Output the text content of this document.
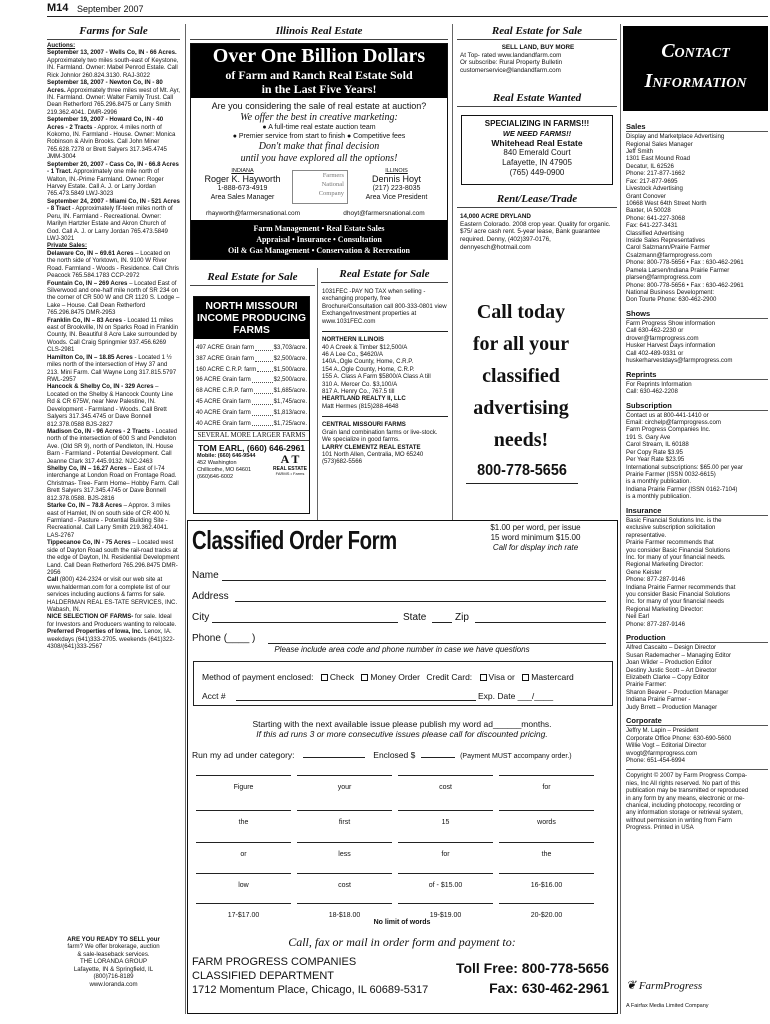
M14 September 2007
Farms for Sale

Auctions:

September 13, 2007 - Wells Co, IN - 66 Acres. Approximately two miles south-east of Keystone, IN. Farmland. Owner: Mabel Penrod Estate. Call Rick Johnlor 260.824.3130. RAJ-3022

September 18, 2007 - Newton Co, IN - 80 Acres. Approximately three miles west of Mt. Ayr, IN. Farmland. Owner: Walter Family Trust. Call Dean Retherford 765.296.8475 or Larry Smith 219.362.4041. DMR-2996

September 19, 2007 - Howard Co, IN - 40 Acres - 2 Tracts - Approx. 4 miles north of Kokomo, IN. Farmland - House. Owner: Monica Robinson & Alvin Brooks. Call John Miner 765.628.7278 or Brett Salyers 317.345.4745 JMM-3004

September 20, 2007 - Cass Co, IN - 66.8 Acres - 1 Tract. Approximately one mile north of Walton, IN.-Prime Farmland. Owner: Roger Harvey Estate. Call A. J. or Larry Jordan 765.473.5849 LWJ-3023

September 24, 2007 - Miami Co, IN - 521 Acres - 8 Tract - Approximately fif-teen miles north of Peru, IN. Farmland - Recreational. Owner: Marilyn Hartzler Estate and Akron Church of God. Call A. J. or Larry Jordan 765.473.5849 LWJ-3021

Private Sales:

Delaware Co, IN – 69.61 Acres – Located on the north side of Yorktown, IN. 9100 W River Road. Farmland - Woods - Residence. Call Chris Peacock 765.584.1783 CCP-2972

Fountain Co, IN – 269 Acres – Located East of Silverwood and one-half mile north of SR 234 on the corner of CR 500 W and CR 1120 S. Lodge – Lake – House. Call Dean Retherford 765.296.8475 DMR-2953

Franklin Co, IN – 83 Acres - Located 11 miles east of Brookville, IN on Sparks Road in Franklin County, IN. Beautiful 8 Acre Lake surrounded by Woods. Call Craig Springmier 937.456.6269 CLS-2981

Hamilton Co, IN – 18.85 Acres - Located 1 ½ miles north of the intersection of Hwy 37 and 213. Mini Farm. Call Wayne Long 317.815.5797 RWL-2957

Hancock & Shelby Co, IN - 329 Acres – Located on the Shelby & Hancock County Line Rd & CR 675W, near New Palestine, IN. Development - Farmland - Woods. Call Brett Salyers 317.345.4745 or Dave Bonnell 812.378.0588 BJS-2827

Madison Co, IN - 96 Acres - 2 Tracts - Located north of the intersection of 600 S and Pendleton Ave. (Old SR 9), north of Pendleton, IN. House Barn - Farmland - Potential Development. Call Jeanne Clark 317.445.9132. NJC-2463

Shelby Co, IN – 16.27 Acres – East of I-74 interchange at London Road on Frontage Road. Christmas- Tree- Farm Home– Hobby Farm. Call Brett Salyers 317.345.4745 or Dave Bonnell 812.378.0588. BJS-2816

Starke Co, IN – 78.8 Acres – Approx. 3 miles east of Hamlet, IN on south side of CR 400 N. Farmland - Pasture - Potential Building Site - Recreational. Call Larry Smith 219.362.4041. LAS-2767

Tippecanoe Co, IN - 75 Acres – Located west side of Dayton Road south the rail-road tracks at the edge of Dayton, IN. Residential Development Land. Call Dean Retherford 765.296.8475 DMR-2956

Call (800) 424-2324 or visit our web site at www.halderman.com for a complete list of our services including auctions & farms for sale. HALDERMAN REAL ES-TATE SERVICES, INC. Wabash, IN.

NICE SELECTION OF FARMS- for sale. Ideal for Investors and Producers wanting to relocate.

Preferred Properties of Iowa, Inc. Lenox, IA. weekdays (641)333-2705. weekends (641)322-4308/(641)333-2567

ARE YOU READY TO SELL your
farm? We offer brokerage, auction
& sale-leaseback services.
THE LORANDA GROUP
Lafayette, IN & Springfield, IL
(800)716-8189
www.loranda.com
Illinois Real Estate
Over One Billion Dollars
of Farm and Ranch Real Estate Sold
in the Last Five Years!
Are you considering the sale of real estate at auction?
We offer the best in creative marketing:
● A full-time real estate auction team
● Premier service from start to finish ● Competitive fees
Don't make that final decision
until you have explored all the options!
INDIANA
Roger K. Hayworth
1-888-673-4919
Area Sales Manager
Farmers
National
Company
ILLINOIS
Dennis Hoyt
(217) 223-8035
Area Vice President
rhayworth@farmersnational.com	dhoyt@farmersnational.com
Farm Management • Real Estate Sales
Appraisal • Insurance • Consultation
Oil & Gas Management • Conservation & Recreation
Real Estate for Sale
NORTH MISSOURI
INCOME PRODUCING
FARMS
497 ACRE Grain farm	$3,703/acre.
387 ACRE Grain farm	$2,500/acre.
160 ACRE C.R.P. farm	$1,500/acre.
96 ACRE Grain farm	$2,500/acre.
68 ACRE C.R.P. farm	$1,685/acre.
45 ACRE Grain farm	$1,745/acre.
40 ACRE Grain farm	$1,813/acre.
40 ACRE Grain farm	$1,725/acre.
SEVERAL MORE LARGER FARMS
TOM EARL, (660) 646-2961
Mobile: (660) 646-9544
452 Washington
Chillicothe, MO 64601
(660)646-6002
A T
REAL ESTATE
FARMS • Farms
Real Estate for Sale

1031FEC -PAY NO TAX when selling -exchanging property, free Brochure/Consultation call 800-333-0801 view Exchange/Investment properties at www.1031FEC.com

NORTHERN ILLINOIS

40 A Creek & Timber $12,500/A
46 A Lee Co., $4620/A
140A.,Ogle County, Home, C.R.P.
154 A.,Ogle County, Home, C.R.P.
155 A. Class A Farm $5800/A Class A till
310 A. Mercer Co. $3,100/A
817 A. Henry Co., 767.5 till
HEARTLAND REALTY II, LLC
Matt Hermes (815)288-4648

CENTRAL MISSOURI FARMS

Grain land combination farms or live-stock. We specialize in good farms.

LARRY CLEMENTZ REAL ESTATE

101 North Allen, Centralia, MO 65240

(573)682-5566

Call today
for all your
classified
advertising
needs!
800-778-5656
Real Estate for Sale
SELL LAND, BUY MORE
At Top- rated www.landandfarm.com
Or subscribe: Rural Property Bulletin
customerservice@landandfarm.com
Real Estate Wanted
SPECIALIZING IN FARMS!!!
WE NEED FARMS!!
Whitehead Real Estate
840 Emerald Court
Lafayette, IN 47905
(765) 449-0900
Rent/Lease/Trade
14,000 ACRE DRYLAND
Eastern Colorado. 2008 crop year. Quality for organic. $75/ acre cash rent. 5-year lease, Bank guarantee required. Denny, (402)397-0176, dennyesch@hotmail.com
Contact
Information
Sales
Display and Marketplace Advertising
Regional Sales Manager
Jeff Smith
1301 East Mound Road
Decatur, IL 62526
Phone: 217-877-1662
Fax: 217-877-9695
Livestock Advertising
Grant Conover
10668 West 64th Street North
Baxter, IA 50028
Phone: 641-227-3068
Fax: 641-227-3431
Classified Advertising
Inside Sales Representatives
Carol Salzmann/Prairie Farmer
Csalzmann@farmprogress.com
Phone: 800-778-5656 • Fax : 630-462-2961
Pamela Larsen/Indiana Prairie Farmer
plarsen@farmprogress.com
Phone: 800-778-5656 • Fax : 630-462-2961
National Business Development:
Don Tourte Phone: 630-462-2900
Shows
Farm Progress Show information
Call 630-462-2230 or
drover@farmprogress.com
Husker Harvest Days information
Call 402-489-9331 or
huskerharvestdays@farmprogress.com
Reprints
For Reprints Information
Call: 630-462-2208
Subscription
Contact us at 800-441-1410 or
Email: circhelp@farmprogress.com
Farm Progress Companies Inc.
191 S. Gary Ave
Carol Stream, IL 60188
Per Copy Rate $3.95
Per Year Rate $23.95
International subscriptions: $65.00 per year
Prairie Farmer (ISSN 0032-6615)
is a monthly publication.
Indiana Prairie Farmer (ISSN 0162-7104)
is a monthly publication.
Insurance
Basic Financial Solutions Inc. is the
exclusive subscription solicitation
representative.
Prairie Farmer recommends that
you consider Basic Financial Solutions
Inc. for many of your financial needs.
Regional Marketing Director:
Gene Keister
Phone: 877-287-9146
Indiana Prairie Farmer recommends that
you consider Basic Financial Solutions
Inc. for many of your financial needs
Regional Marketing Director:
Neil Earl
Phone: 877-287-9146
Production
Alfred Cascaito – Design Director
Susan Rademacher – Managing Editor
Joan Wilder – Production Editor
Destiny Justic Scott – Art Director
Elizabeth Clarke – Copy Editor
Prairie Farmer:
Sharon Beaver – Production Manager
Indiana Prairie Farmer -
Judy Brrett – Production Manager
Corporate
Jeffry M. Lapin – President
Corporate Office Phone: 630-690-5600
Willie Vogt – Editorial Director
wvogt@farmprogress.com
Phone: 651-454-6994
Copyright © 2007 by Farm Progress Compa-
nies, Inc All rights reserved. No part of this
publication may be transmitted or reproduced
in any form by any means, electronic or me-
chanical, including photocopy, recording or
any information storage or retrieval system,
without permission in writing from Farm
Progress. Printed in USA
❦ FarmProgress
A Fairfax Media Limited Company
Classified Order Form	$1.00 per word, per issue
15 word minimum $15.00
Call for display inch rate
Name
Address
City	State	Zip
Phone (____ )
Please include area code and phone number in case we have questions
Method of payment enclosed: Check Money Order Credit Card: Visa or Mastercard
Acct #	Exp. Date ___/____
Starting with the next available issue please publish my word ad______months.
If this ad runs 3 or more consecutive issues please call for discounted pricing.
Run my ad under category:	Enclosed $	(Payment MUST accompany order.)
Figure	your	cost	for
the	first	15	words
or	less	for	the
low	cost	of - $15.00	16-$16.00
17-$17.00	18-$18.00	19-$19.00	20-$20.00
No limit of words
Call, fax or mail in order form and payment to:
FARM PROGRESS COMPANIES
CLASSIFIED DEPARTMENT
1712 Momentum Place, Chicago, IL 60689-5317
Toll Free: 800-778-5656
Fax: 630-462-2961
